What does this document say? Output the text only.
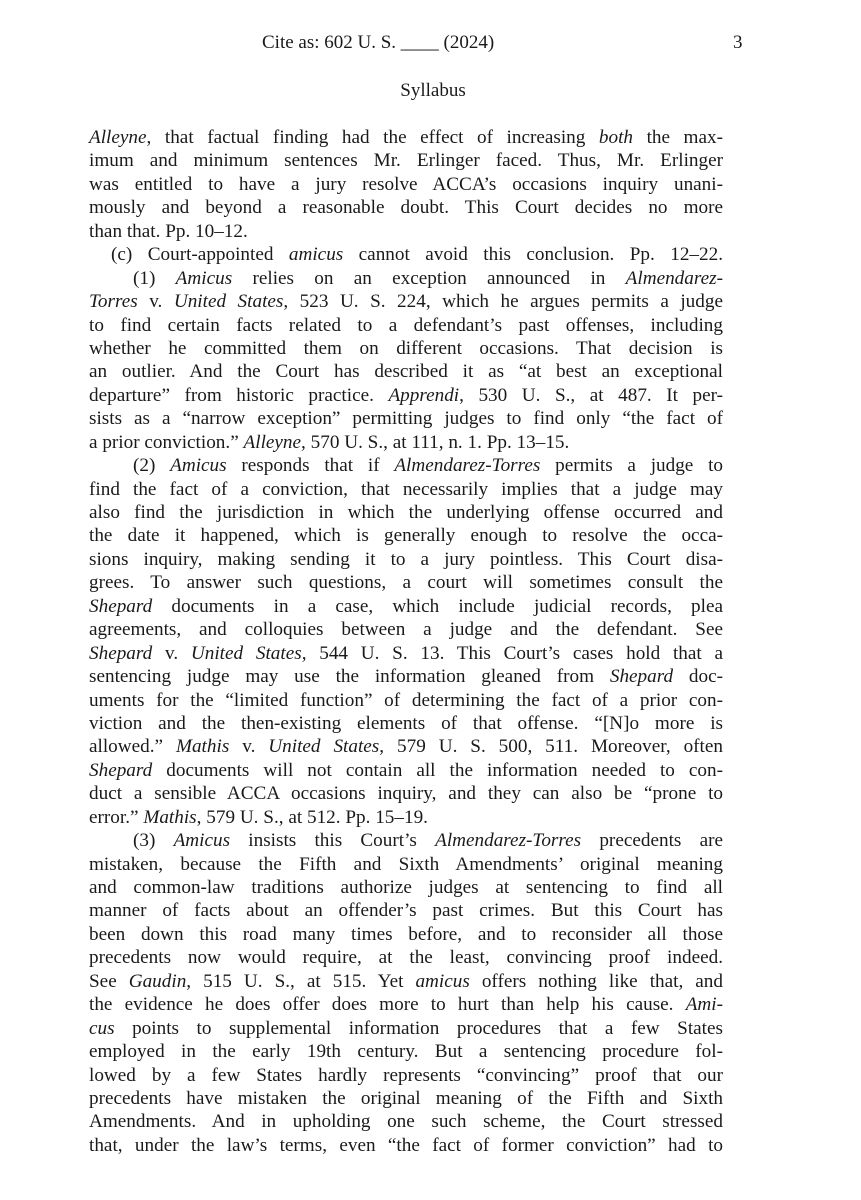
Cite as: 602 U. S. ____ (2024)	3
Syllabus
Alleyne, that factual finding had the effect of increasing both the max-
imum and minimum sentences Mr. Erlinger faced. Thus, Mr. Erlinger
was entitled to have a jury resolve ACCA’s occasions inquiry unani-
mously and beyond a reasonable doubt. This Court decides no more
than that. Pp. 10–12.
(c) Court-appointed amicus cannot avoid this conclusion. Pp. 12–22.
(1) Amicus relies on an exception announced in Almendarez-
Torres v. United States, 523 U. S. 224, which he argues permits a judge
to find certain facts related to a defendant’s past offenses, including
whether he committed them on different occasions. That decision is
an outlier. And the Court has described it as “at best an exceptional
departure” from historic practice. Apprendi, 530 U. S., at 487. It per-
sists as a “narrow exception” permitting judges to find only “the fact of
a prior conviction.” Alleyne, 570 U. S., at 111, n. 1. Pp. 13–15.
(2) Amicus responds that if Almendarez-Torres permits a judge to
find the fact of a conviction, that necessarily implies that a judge may
also find the jurisdiction in which the underlying offense occurred and
the date it happened, which is generally enough to resolve the occa-
sions inquiry, making sending it to a jury pointless. This Court disa-
grees. To answer such questions, a court will sometimes consult the
Shepard documents in a case, which include judicial records, plea
agreements, and colloquies between a judge and the defendant. See
Shepard v. United States, 544 U. S. 13. This Court’s cases hold that a
sentencing judge may use the information gleaned from Shepard doc-
uments for the “limited function” of determining the fact of a prior con-
viction and the then-existing elements of that offense. “[N]o more is
allowed.” Mathis v. United States, 579 U. S. 500, 511. Moreover, often
Shepard documents will not contain all the information needed to con-
duct a sensible ACCA occasions inquiry, and they can also be “prone to
error.” Mathis, 579 U. S., at 512. Pp. 15–19.
(3) Amicus insists this Court’s Almendarez-Torres precedents are
mistaken, because the Fifth and Sixth Amendments’ original meaning
and common-law traditions authorize judges at sentencing to find all
manner of facts about an offender’s past crimes. But this Court has
been down this road many times before, and to reconsider all those
precedents now would require, at the least, convincing proof indeed.
See Gaudin, 515 U. S., at 515. Yet amicus offers nothing like that, and
the evidence he does offer does more to hurt than help his cause. Ami-
cus points to supplemental information procedures that a few States
employed in the early 19th century. But a sentencing procedure fol-
lowed by a few States hardly represents “convincing” proof that our
precedents have mistaken the original meaning of the Fifth and Sixth
Amendments. And in upholding one such scheme, the Court stressed
that, under the law’s terms, even “the fact of former conviction” had to
